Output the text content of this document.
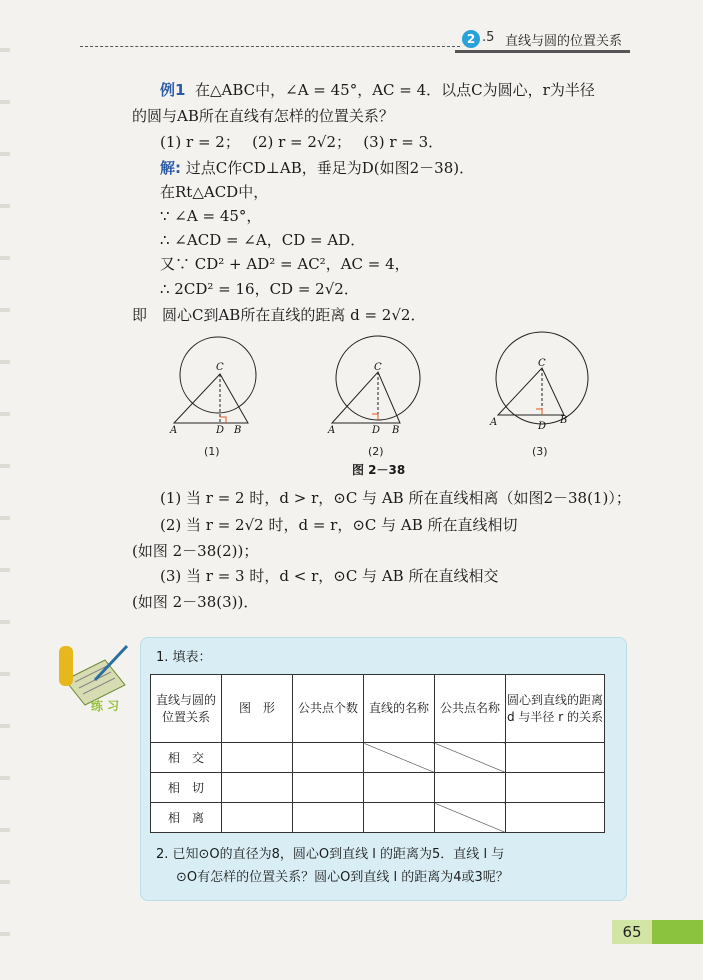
2 .5 直线与圆的位置关系
例1 在△ABC中，∠A = 45°，AC = 4．以点C为圆心，r为半径
的圆与AB所在直线有怎样的位置关系？
(1) r = 2；　 (2) r = 2√2；　 (3) r = 3．
解: 过点C作CD⊥AB，垂足为D(如图2－38)．
在Rt△ACD中，
∵ ∠A = 45°，
∴ ∠ACD = ∠A，CD = AD．
又∵ CD² + AD² = AC²，AC = 4，
∴ 2CD² = 16，CD = 2√2．
即　圆心C到AB所在直线的距离 d = 2√2．
C
A	D B
C
A	D B
C
A	D
B
(1)	(2)	(3)
图 2－38
(1) 当 r = 2 时，d > r，⊙C 与 AB 所在直线相离（如图2－38(1)）；
(2) 当 r = 2√2 时，d = r，⊙C 与 AB 所在直线相切
(如图 2－38(2))；
(3) 当 r = 3 时，d < r，⊙C 与 AB 所在直线相交
(如图 2－38(3))．
练 习
1. 填表：
直线与圆的位置关系	图　形	公共点个数	直线的名称	公共点名称	圆心到直线的距离 d 与半径 r 的关系
相　交					
相　切					
相　离					
2. 已知⊙O的直径为8，圆心O到直线 l 的距离为5．直线 l 与
⊙O有怎样的位置关系？圆心O到直线 l 的距离为4或3呢？
65
